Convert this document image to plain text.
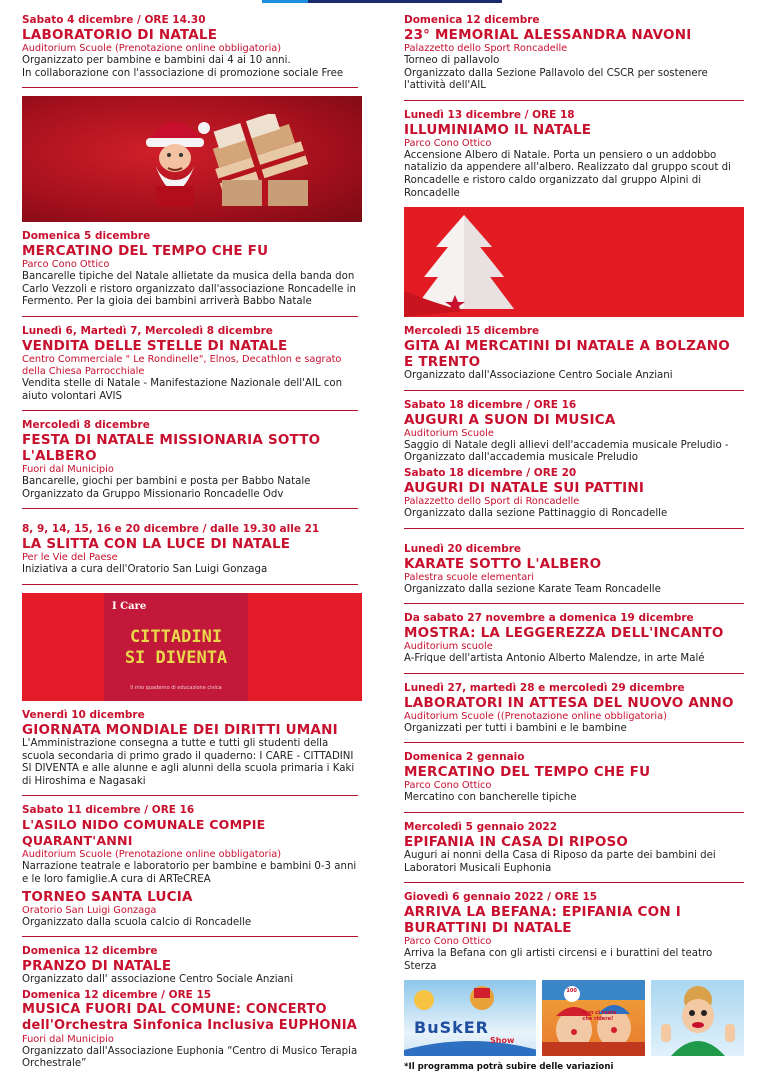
Sabato 4 dicembre / ORE 14.30
LABORATORIO DI NATALE
Auditorium Scuole (Prenotazione online obbligatoria)
Organizzato per bambine e bambini dai 4 ai 10 anni.
In collaborazione con l'associazione di promozione sociale Free
Domenica 5 dicembre
MERCATINO DEL TEMPO CHE FU
Parco Cono Ottico
Bancarelle tipiche del Natale allietate da musica della banda don Carlo Vezzoli e ristoro organizzato dall'associazione Roncadelle in Fermento. Per la gioia dei bambini arriverà Babbo Natale
Lunedì 6, Martedì 7, Mercoledì 8 dicembre
VENDITA DELLE STELLE DI NATALE
Centro Commerciale " Le Rondinelle", Elnos, Decathlon e sagrato della Chiesa Parrocchiale
Vendita stelle di Natale - Manifestazione Nazionale dell'AIL con aiuto volontari AVIS
Mercoledì 8 dicembre
FESTA DI NATALE MISSIONARIA SOTTO L'ALBERO
Fuori dal Municipio
Bancarelle, giochi per bambini e posta per Babbo Natale
Organizzato da Gruppo Missionario Roncadelle Odv
8, 9, 14, 15, 16 e 20 dicembre / dalle 19.30 alle 21
LA SLITTA CON LA LUCE DI NATALE
Per le Vie del Paese
Iniziativa a cura dell'Oratorio San Luigi Gonzaga
I Care
CITTADINI
SI DIVENTA
Il mio quaderno di educazione civica
Venerdì 10 dicembre
GIORNATA MONDIALE DEI DIRITTI UMANI
L'Amministrazione consegna a tutte e tutti gli studenti della scuola secondaria di primo grado il quaderno: I CARE - CITTADINI SI DIVENTA e alle alunne e agli alunni della scuola primaria i Kaki di Hiroshima e Nagasaki
Sabato 11 dicembre / ORE 16
L'ASILO NIDO COMUNALE COMPIE QUARANT'ANNI
Auditorium Scuole (Prenotazione online obbligatoria)
Narrazione teatrale e laboratorio per bambine e bambini 0-3 anni e le loro famiglie.A cura di ARTeCREA
TORNEO SANTA LUCIA
Oratorio San Luigi Gonzaga
Organizzato dalla scuola calcio di Roncadelle
Domenica 12 dicembre
PRANZO DI NATALE
Organizzato dall' associazione Centro Sociale Anziani
Domenica 12 dicembre / ORE 15
MUSICA FUORI DAL COMUNE: CONCERTO dell'Orchestra Sinfonica Inclusiva EUPHONIA
Fuori dal Municipio
Organizzato dall'Associazione Euphonia “Centro di Musico Terapia Orchestrale”
Domenica 12 dicembre
23° MEMORIAL ALESSANDRA NAVONI
Palazzetto dello Sport Roncadelle
Torneo di pallavolo
Organizzato dalla Sezione Pallavolo del CSCR per sostenere l'attività dell'AIL
Lunedì 13 dicembre / ORE 18
ILLUMINIAMO IL NATALE
Parco Cono Ottico
Accensione Albero di Natale. Porta un pensiero o un addobbo natalizio da appendere all'albero. Realizzato dal gruppo scout di Roncadelle e ristoro caldo organizzato dal gruppo Alpini di Roncadelle
Mercoledì 15 dicembre
GITA AI MERCATINI DI NATALE A BOLZANO E TRENTO
Organizzato dall'Associazione Centro Sociale Anziani
Sabato 18 dicembre / ORE 16
AUGURI A SUON DI MUSICA
Auditorium Scuole
Saggio di Natale degli allievi dell'accademia musicale Preludio - Organizzato dall'accademia musicale Preludio
Sabato 18 dicembre / ORE 20
AUGURI DI NATALE SUI PATTINI
Palazzetto dello Sport di Roncadelle
Organizzato dalla sezione Pattinaggio di Roncadelle
Lunedì 20 dicembre
KARATE SOTTO L'ALBERO
Palestra scuole elementari
Organizzato dalla sezione Karate Team Roncadelle
Da sabato 27 novembre a domenica 19 dicembre
MOSTRA: LA LEGGEREZZA DELL'INCANTO
Auditorium scuole
A-Frique dell'artista Antonio Alberto Malendze, in arte Malé
Lunedì 27, martedì 28 e mercoledì 29 dicembre
LABORATORI IN ATTESA DEL NUOVO ANNO
Auditorium Scuole ((Prenotazione online obbligatoria)
Organizzati per tutti i bambini e le bambine
Domenica 2 gennaio
MERCATINO DEL TEMPO CHE FU
Parco Cono Ottico
Mercatino con bancherelle tipiche
Mercoledì 5 gennaio 2022
EPIFANIA IN CASA DI RIPOSO
Auguri ai nonni della Casa di Riposo da parte dei bambini dei Laboratori Musicali Euphonia
Giovedì 6 gennaio 2022 / ORE 15
ARRIVA LA BEFANA: EPIFANIA CON I BURATTINI DI NATALE
Parco Cono Ottico
Arriva la Befana con gli artisti circensi e i burattini del teatro Sterza
BuSkER
Show
100
Non ci resta che ridere!
*Il programma potrà subire delle variazioni
